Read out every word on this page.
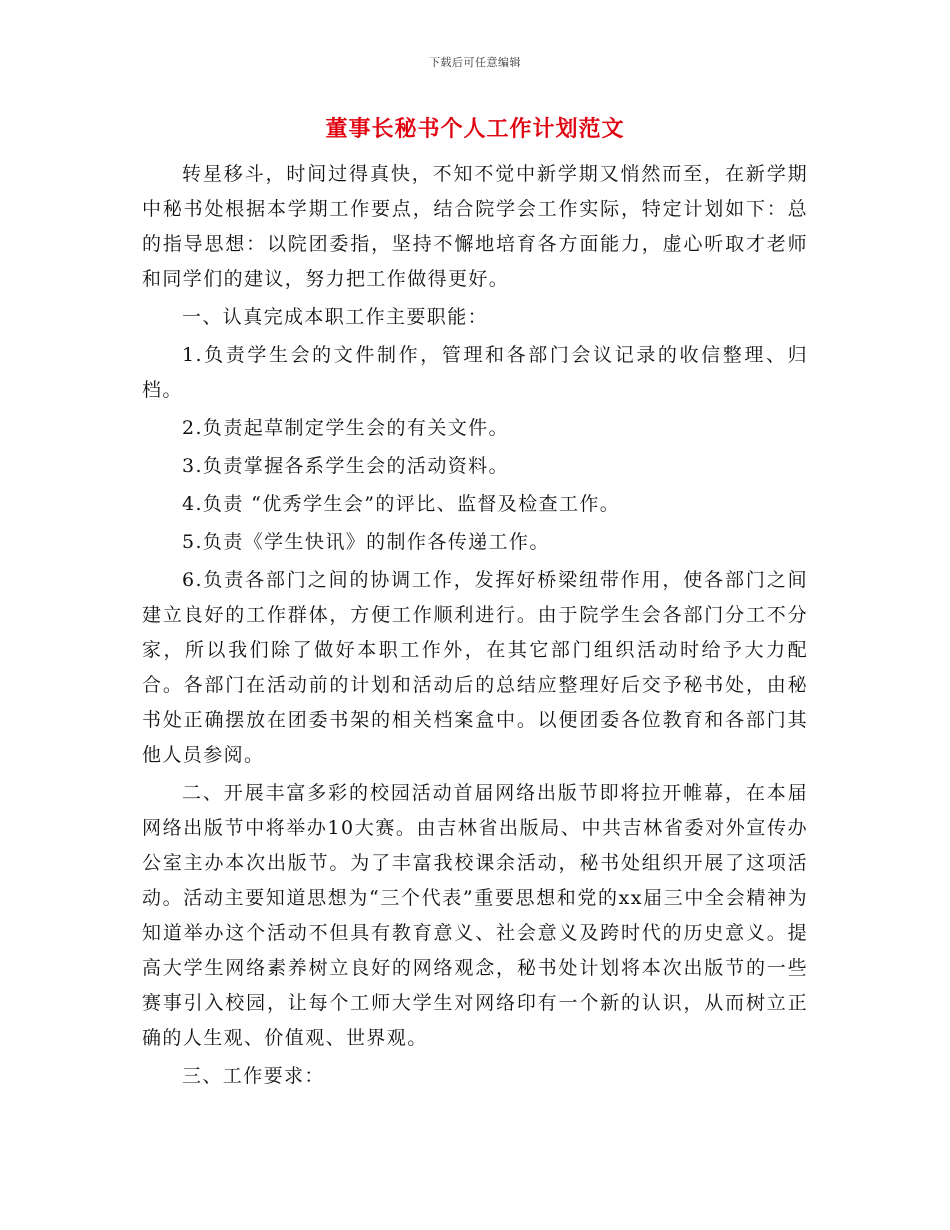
下载后可任意编辑
董事长秘书个人工作计划范文

转星移斗，时间过得真快，不知不觉中新学期又悄然而至，在新学期中秘书处根据本学期工作要点，结合院学会工作实际，特定计划如下：总的指导思想：以院团委指，坚持不懈地培育各方面能力，虚心听取才老师和同学们的建议，努力把工作做得更好。

一、认真完成本职工作主要职能：

1.负责学生会的文件制作，管理和各部门会议记录的收信整理、归档。

2.负责起草制定学生会的有关文件。

3.负责掌握各系学生会的活动资料。

4.负责 “优秀学生会”的评比、监督及检查工作。

5.负责《学生快讯》的制作各传递工作。

6.负责各部门之间的协调工作，发挥好桥梁纽带作用，使各部门之间建立良好的工作群体，方便工作顺利进行。由于院学生会各部门分工不分家，所以我们除了做好本职工作外，在其它部门组织活动时给予大力配合。各部门在活动前的计划和活动后的总结应整理好后交予秘书处，由秘书处正确摆放在团委书架的相关档案盒中。以便团委各位教育和各部门其他人员参阅。

二、开展丰富多彩的校园活动首届网络出版节即将拉开帷幕，在本届网络出版节中将举办10大赛。由吉林省出版局、中共吉林省委对外宣传办公室主办本次出版节。为了丰富我校课余活动，秘书处组织开展了这项活动。活动主要知道思想为“三个代表”重要思想和党的xx届三中全会精神为知道举办这个活动不但具有教育意义、社会意义及跨时代的历史意义。提高大学生网络素养树立良好的网络观念，秘书处计划将本次出版节的一些赛事引入校园，让每个工师大学生对网络印有一个新的认识，从而树立正确的人生观、价值观、世界观。

三、工作要求：
